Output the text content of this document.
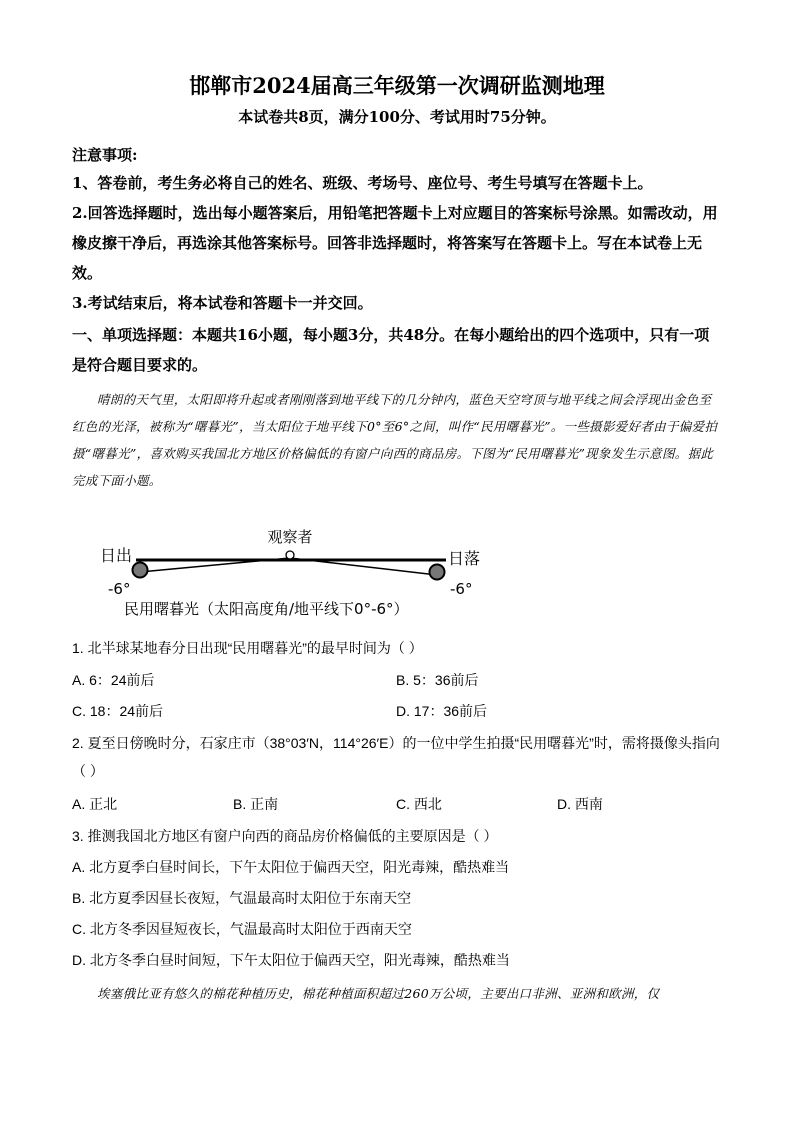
邯郸市2024届高三年级第一次调研监测地理
本试卷共8页，满分100分、考试用时75分钟。
注意事项:
1、答卷前，考生务必将自己的姓名、班级、考场号、座位号、考生号填写在答题卡上。
2.回答选择题时，选出每小题答案后，用铅笔把答题卡上对应题目的答案标号涂黑。如需改动，用橡皮擦干净后，再选涂其他答案标号。回答非选择题时，将答案写在答题卡上。写在本试卷上无效。
3.考试结束后，将本试卷和答题卡一并交回。
一、单项选择题：本题共16小题，每小题3分，共48分。在每小题给出的四个选项中，只有一项是符合题目要求的。
晴朗的天气里，太阳即将升起或者刚刚落到地平线下的几分钟内，蓝色天空穹顶与地平线之间会浮现出金色至红色的光泽，被称为“曙暮光”，当太阳位于地平线下0°至6°之间，叫作“民用曙暮光”。一些摄影爱好者由于偏爱拍摄“曙暮光”，喜欢购买我国北方地区价格偏低的有窗户向西的商品房。下图为“民用曙暮光”现象发生示意图。据此完成下面小题。
观察者
日出	日落
-6°	-6°
民用曙暮光（太阳高度角/地平线下0°-6°）
1. 北半球某地春分日出现“民用曙暮光”的最早时间为（ ）
A. 6：24前后	B. 5：36前后
C. 18：24前后	D. 17：36前后
2. 夏至日傍晚时分，石家庄市（38°03′N，114°26′E）的一位中学生拍摄“民用曙暮光”时，需将摄像头指向（ ）
A. 正北	B. 正南	C. 西北	D. 西南
3. 推测我国北方地区有窗户向西的商品房价格偏低的主要原因是（ ）
A. 北方夏季白昼时间长，下午太阳位于偏西天空，阳光毒辣，酷热难当
B. 北方夏季因昼长夜短，气温最高时太阳位于东南天空
C. 北方冬季因昼短夜长，气温最高时太阳位于西南天空
D. 北方冬季白昼时间短，下午太阳位于偏西天空，阳光毒辣，酷热难当
埃塞俄比亚有悠久的棉花种植历史，棉花种植面积超过260万公顷，主要出口非洲、亚洲和欧洲，仅
